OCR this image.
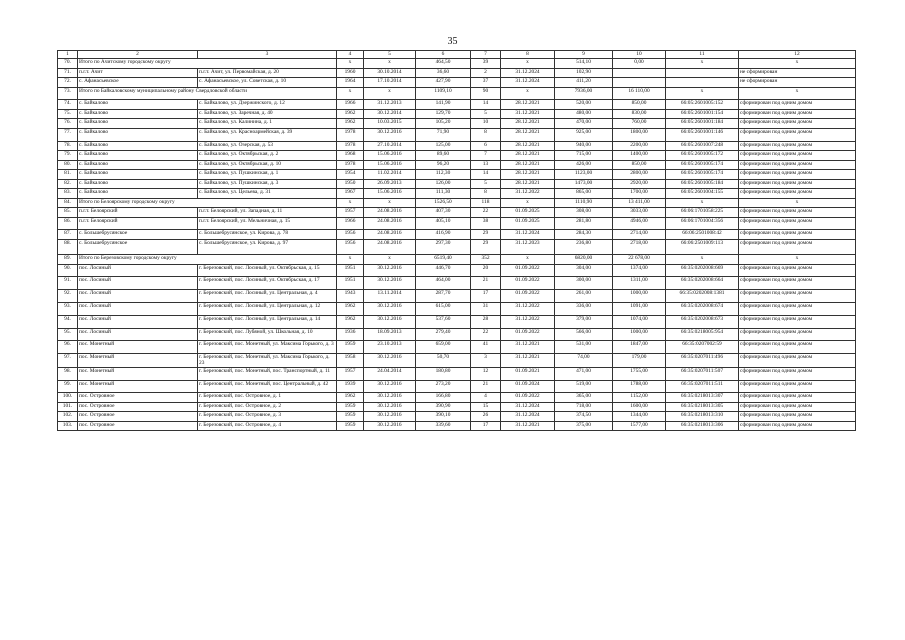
35
1	2	3	4	5	6	7	8	9	10	11	12
70.	Итого по Ачитскому городскому округу		x	x	464,50	39	x	514,10	0,00	x	x
71.	п.г.т. Ачит	п.г.т. Ачит, ул. Первомайская, д. 20	1960	30.10.2014	36,60	2	31.12.2024	102,90			не сформирован
72.	с. Афанасьевское	с. Афанасьевское, ул. Советская, д. 10	1964	17.10.2014	427,90	37	31.12.2024	411,20			не сформирован
73.	Итого по Байкаловскому муниципальному району Свердловской области		x	x	1109,10	90	x	7936,00	16 110,00	x	x
74.	с. Байкалово	с. Байкалово, ул. Дзержинского, д. 12	1966	31.12.2013	141,90	14	28.12.2021	520,00	850,00	66:05:2601005:152	сформирован под одним домом
75.	с. Байкалово	с. Байкалово, ул. Заречная, д. 40	1962	30.12.2014	129,70	5	31.12.2021	480,00	830,00	66:05:2601001:154	сформирован под одним домом
76.	с. Байкалово	с. Байкалово, ул. Калинина, д. 1	1962	10.03.2015	105,20	10	28.12.2021	470,00	760,00	66:05:2601001:184	сформирован под одним домом
77.	с. Байкалово	с. Байкалово, ул. Красноармейская, д. 39	1978	30.12.2016	71,90	8	28.12.2021	925,00	1800,00	66:05:2601001:146	сформирован под одним домом
78.	с. Байкалово	с. Байкалово, ул. Озерская, д. 53	1978	27.10.2014	125,00	6	28.12.2021	940,00	2200,00	66:05:2601007:248	сформирован под одним домом
79.	с. Байкалово	с. Байкалово, ул. Октябрьская, д. 2	1968	15.06.2016	89,60	7	28.12.2021	715,00	1400,00	66:05:2601005:172	сформирован под одним домом
80.	с. Байкалово	с. Байкалово, ул. Октябрьская, д. 10	1978	15.06.2016	96,20	13	28.12.2021	426,00	850,00	66:05:2601005:174	сформирован под одним домом
81.	с. Байкалово	с. Байкалово, ул. Пушкинская, д. 1	1954	11.02.2014	112,30	14	28.12.2021	1123,00	2800,00	66:05:2601005:174	сформирован под одним домом
82.	с. Байкалово	с. Байкалово, ул. Пушкинская, д. 3	1950	26.09.2013	126,00	5	28.12.2021	1473,00	2920,00	66:05:2601005:184	сформирован под одним домом
83.	с. Байкалово	с. Байкалово, ул. Цельева, д. 31	1967	15.06.2016	111,30	8	31.12.2022	865,00	1700,00	66:05:2601004:155	сформирован под одним домом
84.	Итого по Белоярскому городскому округу		x	x	1526,50	118	x	1110,90	13 411,00	x	x
85.	п.г.т. Белоярский	п.г.т. Белоярский, ул. Западная, д. 11	1957	24.08.2016	407,30	22	01.09.2025	308,00	3033,00	66:06:1701058:225	сформирован под одним домом
86.	п.г.т. Белоярский	п.г.т. Белоярский, ул. Мельничная, д. 15	1966	24.08.2016	405,10	38	01.09.2025	281,80	4946,00	66:06:1701004:356	сформирован под одним домом
87.	с. Большебрусянское	с. Большебрусянское, ул. Кирова, д. 78	1956	24.08.2016	416,90	29	31.12.2024	284,30	2714,00	66:06:2501008:42	сформирован под одним домом
88.	с. Большебрусянское	с. Большебрусянское, ул. Кирова, д. 97	1956	24.08.2016	297,30	29	31.12.2023	236,80	2718,00	66:06:2501009:113	сформирован под одним домом
89.	Итого по Березовскому городскому округу		x	x	6519,40	352	x	6820,00	22 678,00	x	x
90.	пос. Лосиный	г. Березовский, пос. Лосиный, ул. Октябрьская, д. 15	1951	30.12.2016	446,70	20	01.09.2022	304,00	1374,00	66:35:0202008:669	сформирован под одним домом
91.	пос. Лосиный	г. Березовский, пос. Лосиный, ул. Октябрьская, д. 17	1951	30.12.2016	464,00	21	01.09.2022	300,00	1311,00	66:35:0202008:664	сформирован под одним домом
92.	пос. Лосиный	г. Березовский, пос. Лосиный, ул. Центральная, д. 4	1943	13.11.2014	287,70	17	01.09.2022	261,00	1000,00	66:35:0202008:1381	сформирован под одним домом
93.	пос. Лосиный	г. Березовский, пос. Лосиный, ул. Центральная, д. 12	1962	30.12.2016	615,00	31	31.12.2022	336,00	1091,00	66:35:0202008:674	сформирован под одним домом
94.	пос. Лосиный	г. Березовский, пос. Лосиный, ул. Центральная, д. 14	1962	30.12.2016	537,60	28	31.12.2022	379,00	1074,00	66:35:0202008:673	сформирован под одним домом
95.	пос. Лосиный	г. Березовский, пос. Лубяной, ул. Школьная, д. 10	1936	18.09.2013	279,40	22	01.09.2022	566,00	1000,00	66:35:0218005:954	сформирован под одним домом
96.	пос. Монетный	г. Березовский, пос. Монетный, ул. Максима Горького, д. 3	1959	23.10.2013	659,00	41	31.12.2021	531,00	1847,00	66:35:0207002:59	сформирован под одним домом
97.	пос. Монетный	г. Березовский, пос. Монетный, ул. Максима Горького, д. 23	1958	30.12.2016	50,70	3	31.12.2021	74,00	179,00	66:35:0207011:496	сформирован под одним домом
98.	пос. Монетный	г. Березовский, пос. Монетный, пос. Транспортный, д. 11	1957	24.04.2014	180,80	12	01.09.2021	471,00	1755,00	66:35:0207011:507	сформирован под одним домом
99.	пос. Монетный	г. Березовский, пос. Монетный, пос. Центральный, д. 42	1939	30.12.2016	273,20	21	01.09.2024	519,00	1788,00	66:35:0207011:511	сформирован под одним домом
100.	пос. Островное	г. Березовский, пос. Островное, д. 1	1962	30.12.2016	166,80	4	01.09.2022	365,00	1152,00	66:35:0218013:307	сформирован под одним домом
101.	пос. Островное	г. Березовский, пос. Островное, д. 2	1959	30.12.2016	390,90	15	31.12.2024	718,00	1600,00	66:35:0218013:305	сформирован под одним домом
102.	пос. Островное	г. Березовский, пос. Островное, д. 3	1959	30.12.2016	390,10	26	31.12.2024	374,50	1344,00	66:35:0218013:310	сформирован под одним домом
103.	пос. Островное	г. Березовский, пос. Островное, д. 4	1959	30.12.2016	339,60	17	31.12.2021	375,00	1577,00	66:35:0218013:306	сформирован под одним домом
